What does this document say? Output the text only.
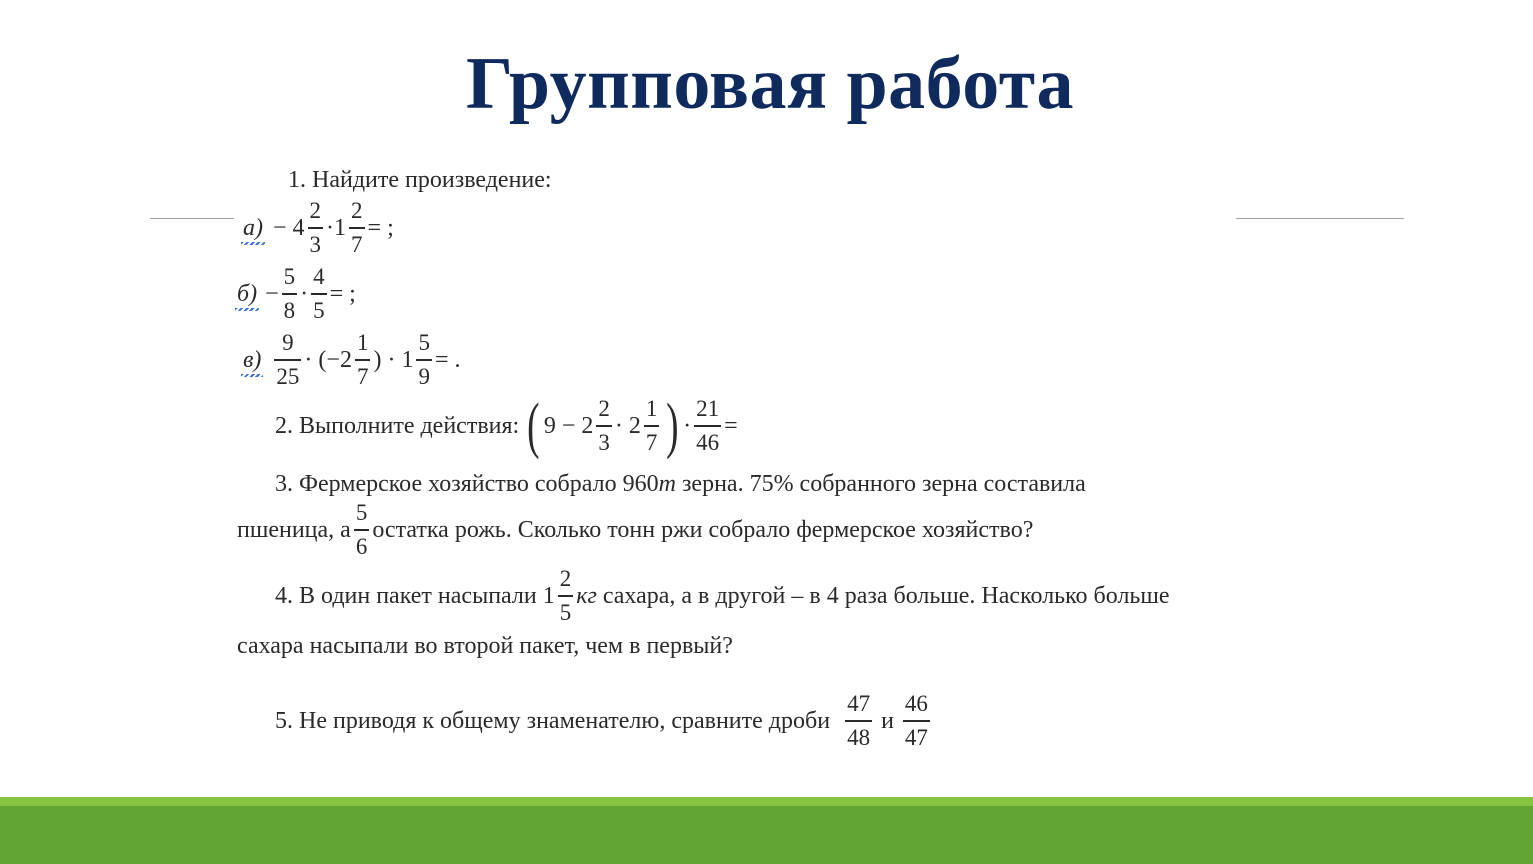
Групповая работа
1. Найдите произведение:
$а) - 4 \frac{2}{3} \cdot 1 \frac{2}{7}$ = ;
$б) - \frac{5}{8} \cdot \frac{4}{5}$ = ;
$в) \frac{9}{25} \cdot (-2 \frac{1}{7}$ ) · $1 \frac{5}{9}$ = .
2. Выполните действия: ( $9 - 2 \frac{2}{3} \cdot 2 \frac{1}{7}$ ) · $\frac{21}{46}$ =
3. Фермерское хозяйство собрало 960 т зерна. 75% собранного зерна составила
пшеница, а $\frac{5}{6}$ остатка рожь. Сколько тонн ржи собрало фермерское хозяйство?
4. В один пакет насыпали $1 \frac{2}{5}$ кг сахара, а в другой – в 4 раза больше. Насколько больше
сахара насыпали во второй пакет, чем в первый?
5. Не приводя к общему знаменателю, сравните дроби $\frac{47}{48}$ и $\frac{46}{47}$
